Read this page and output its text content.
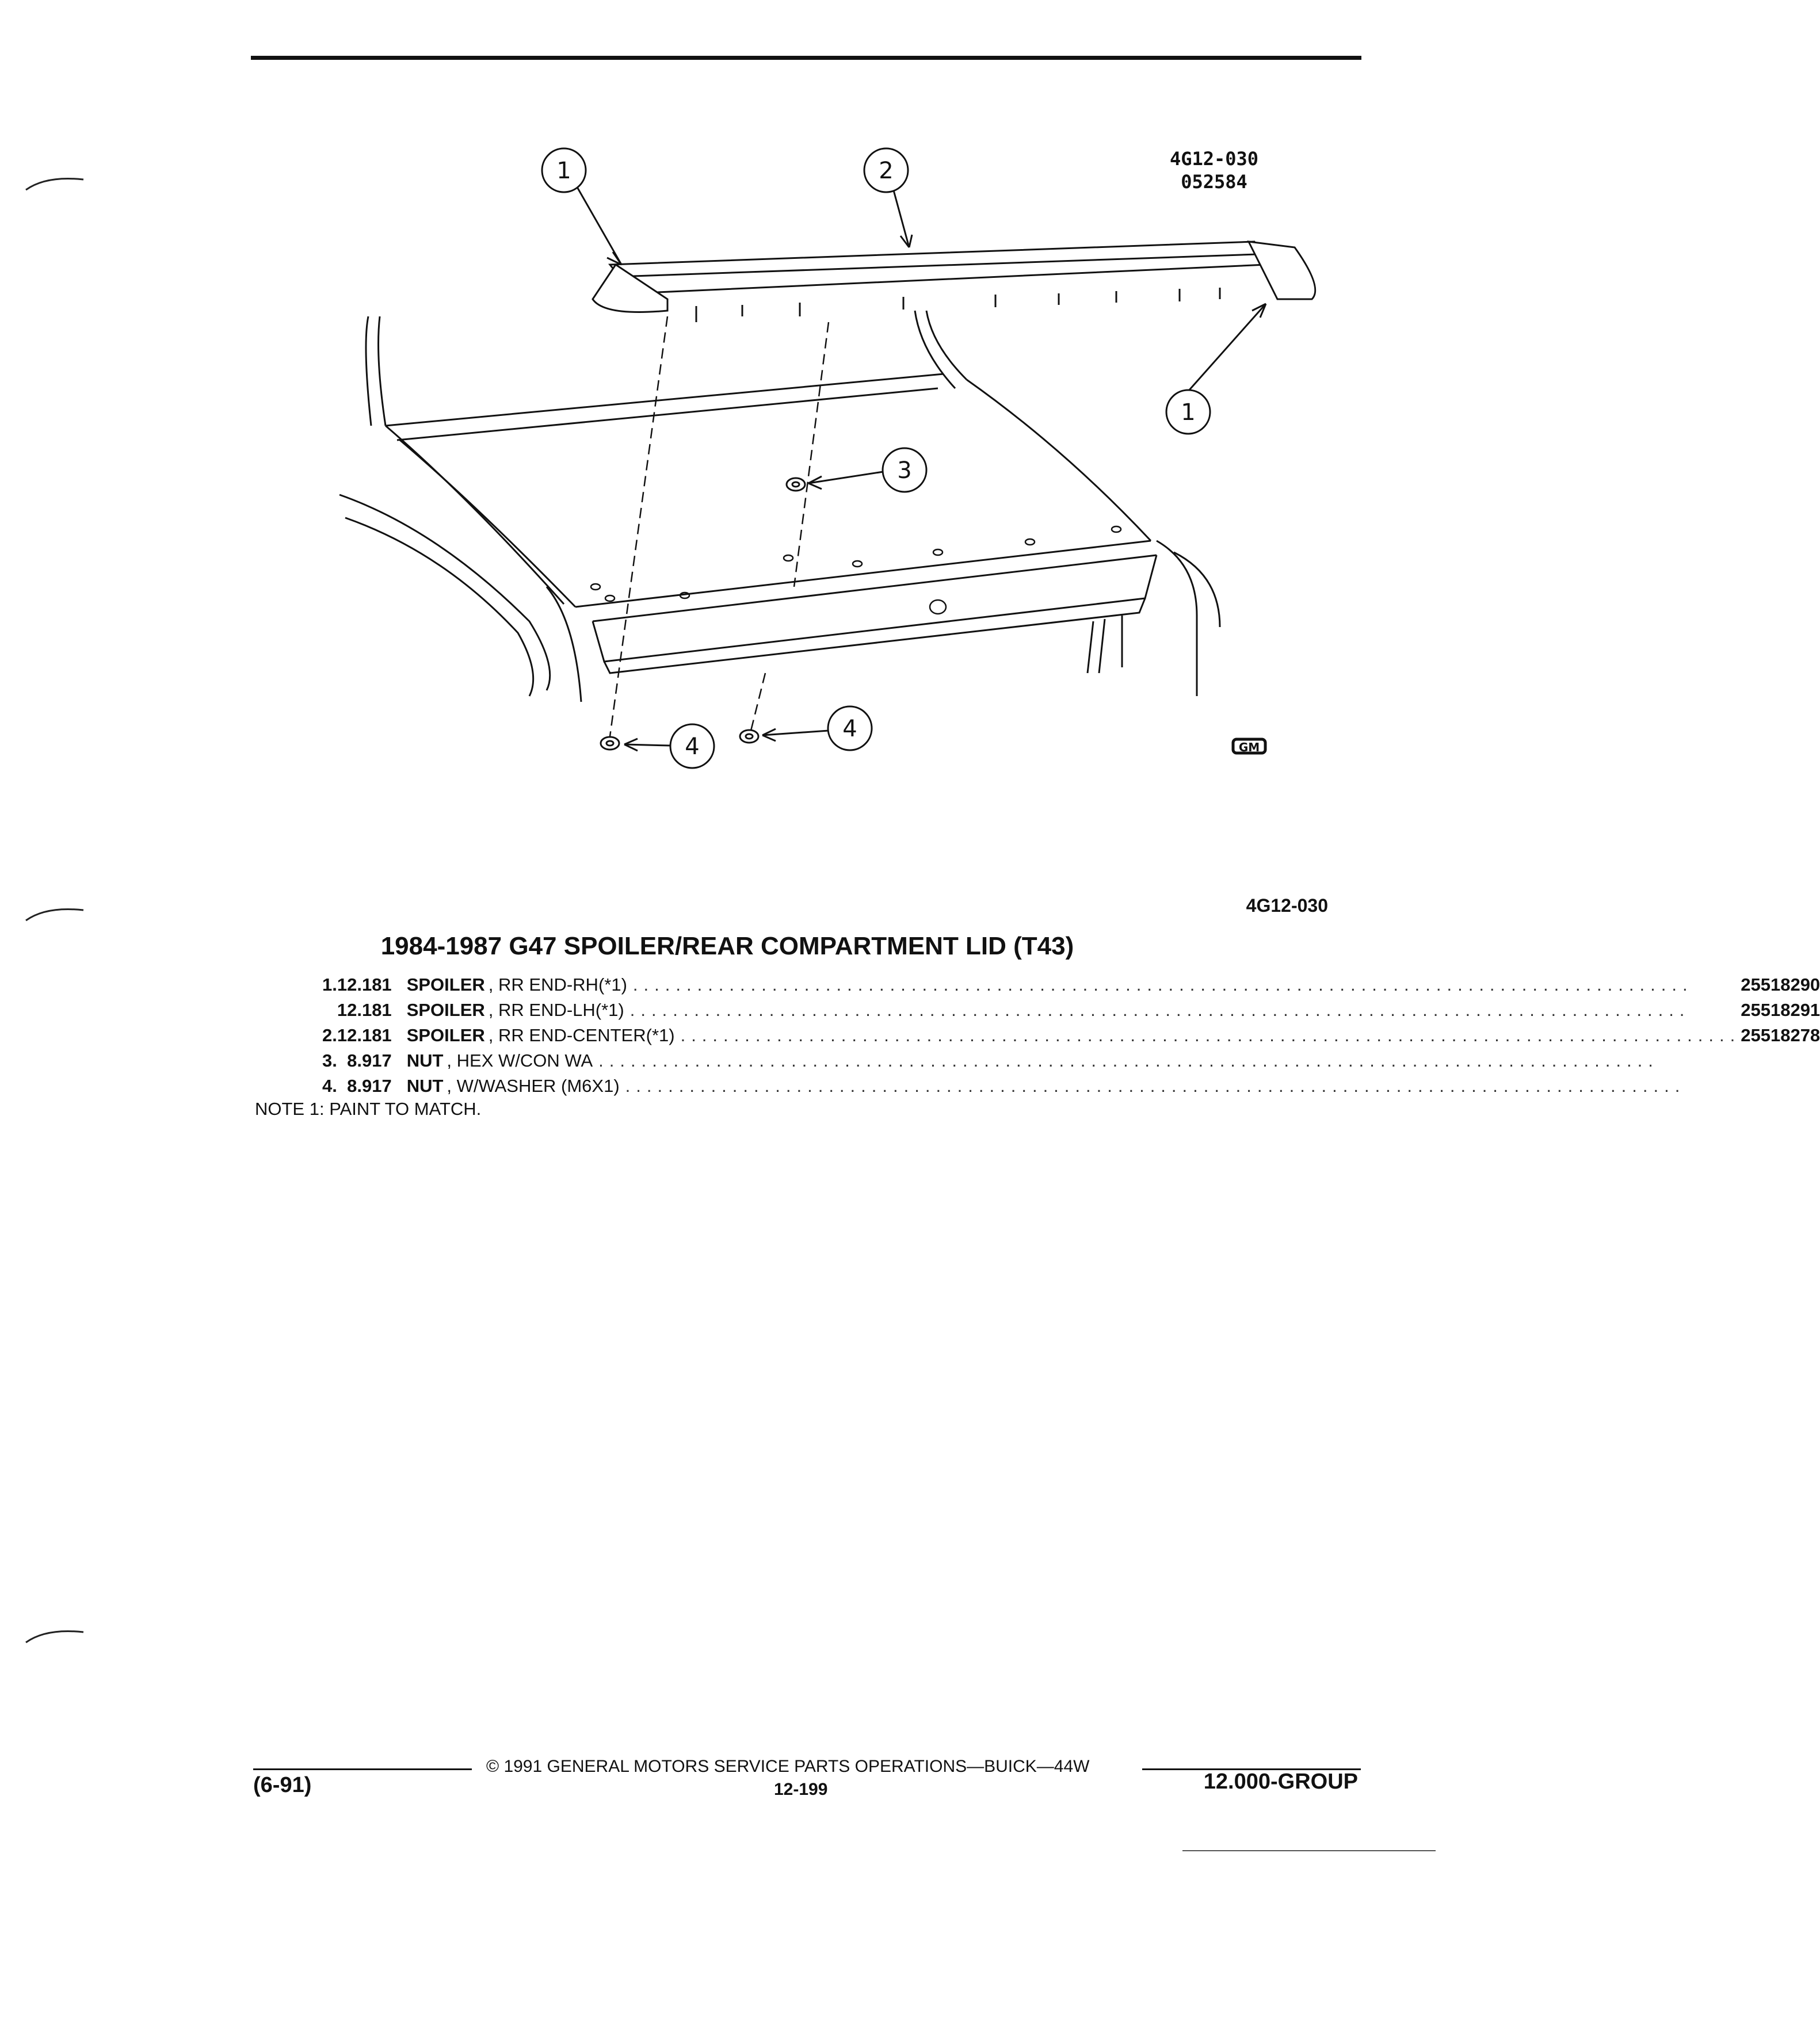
1	2
1
3
4
4
GM
4G12-030
052584
4G12-030
1984-1987 G47 SPOILER/REAR COMPARTMENT LID (T43)
1.	12.181	SPOILER , RR END-RH(*1) ...................................................................................................	25518290
	12.181	SPOILER , RR END-LH(*1) ...................................................................................................	25518291
2.	12.181	SPOILER , RR END-CENTER(*1) ...................................................................................................	25518278
3.	8.917	NUT , HEX W/CON WA ...................................................................................................	

4.	8.917	NUT , W/WASHER (M6X1) ...................................................................................................	

NOTE 1: PAINT TO MATCH.
© 1991 GENERAL MOTORS SERVICE PARTS OPERATIONS—BUICK—44W
(6-91)	12-199	12.000-GROUP
